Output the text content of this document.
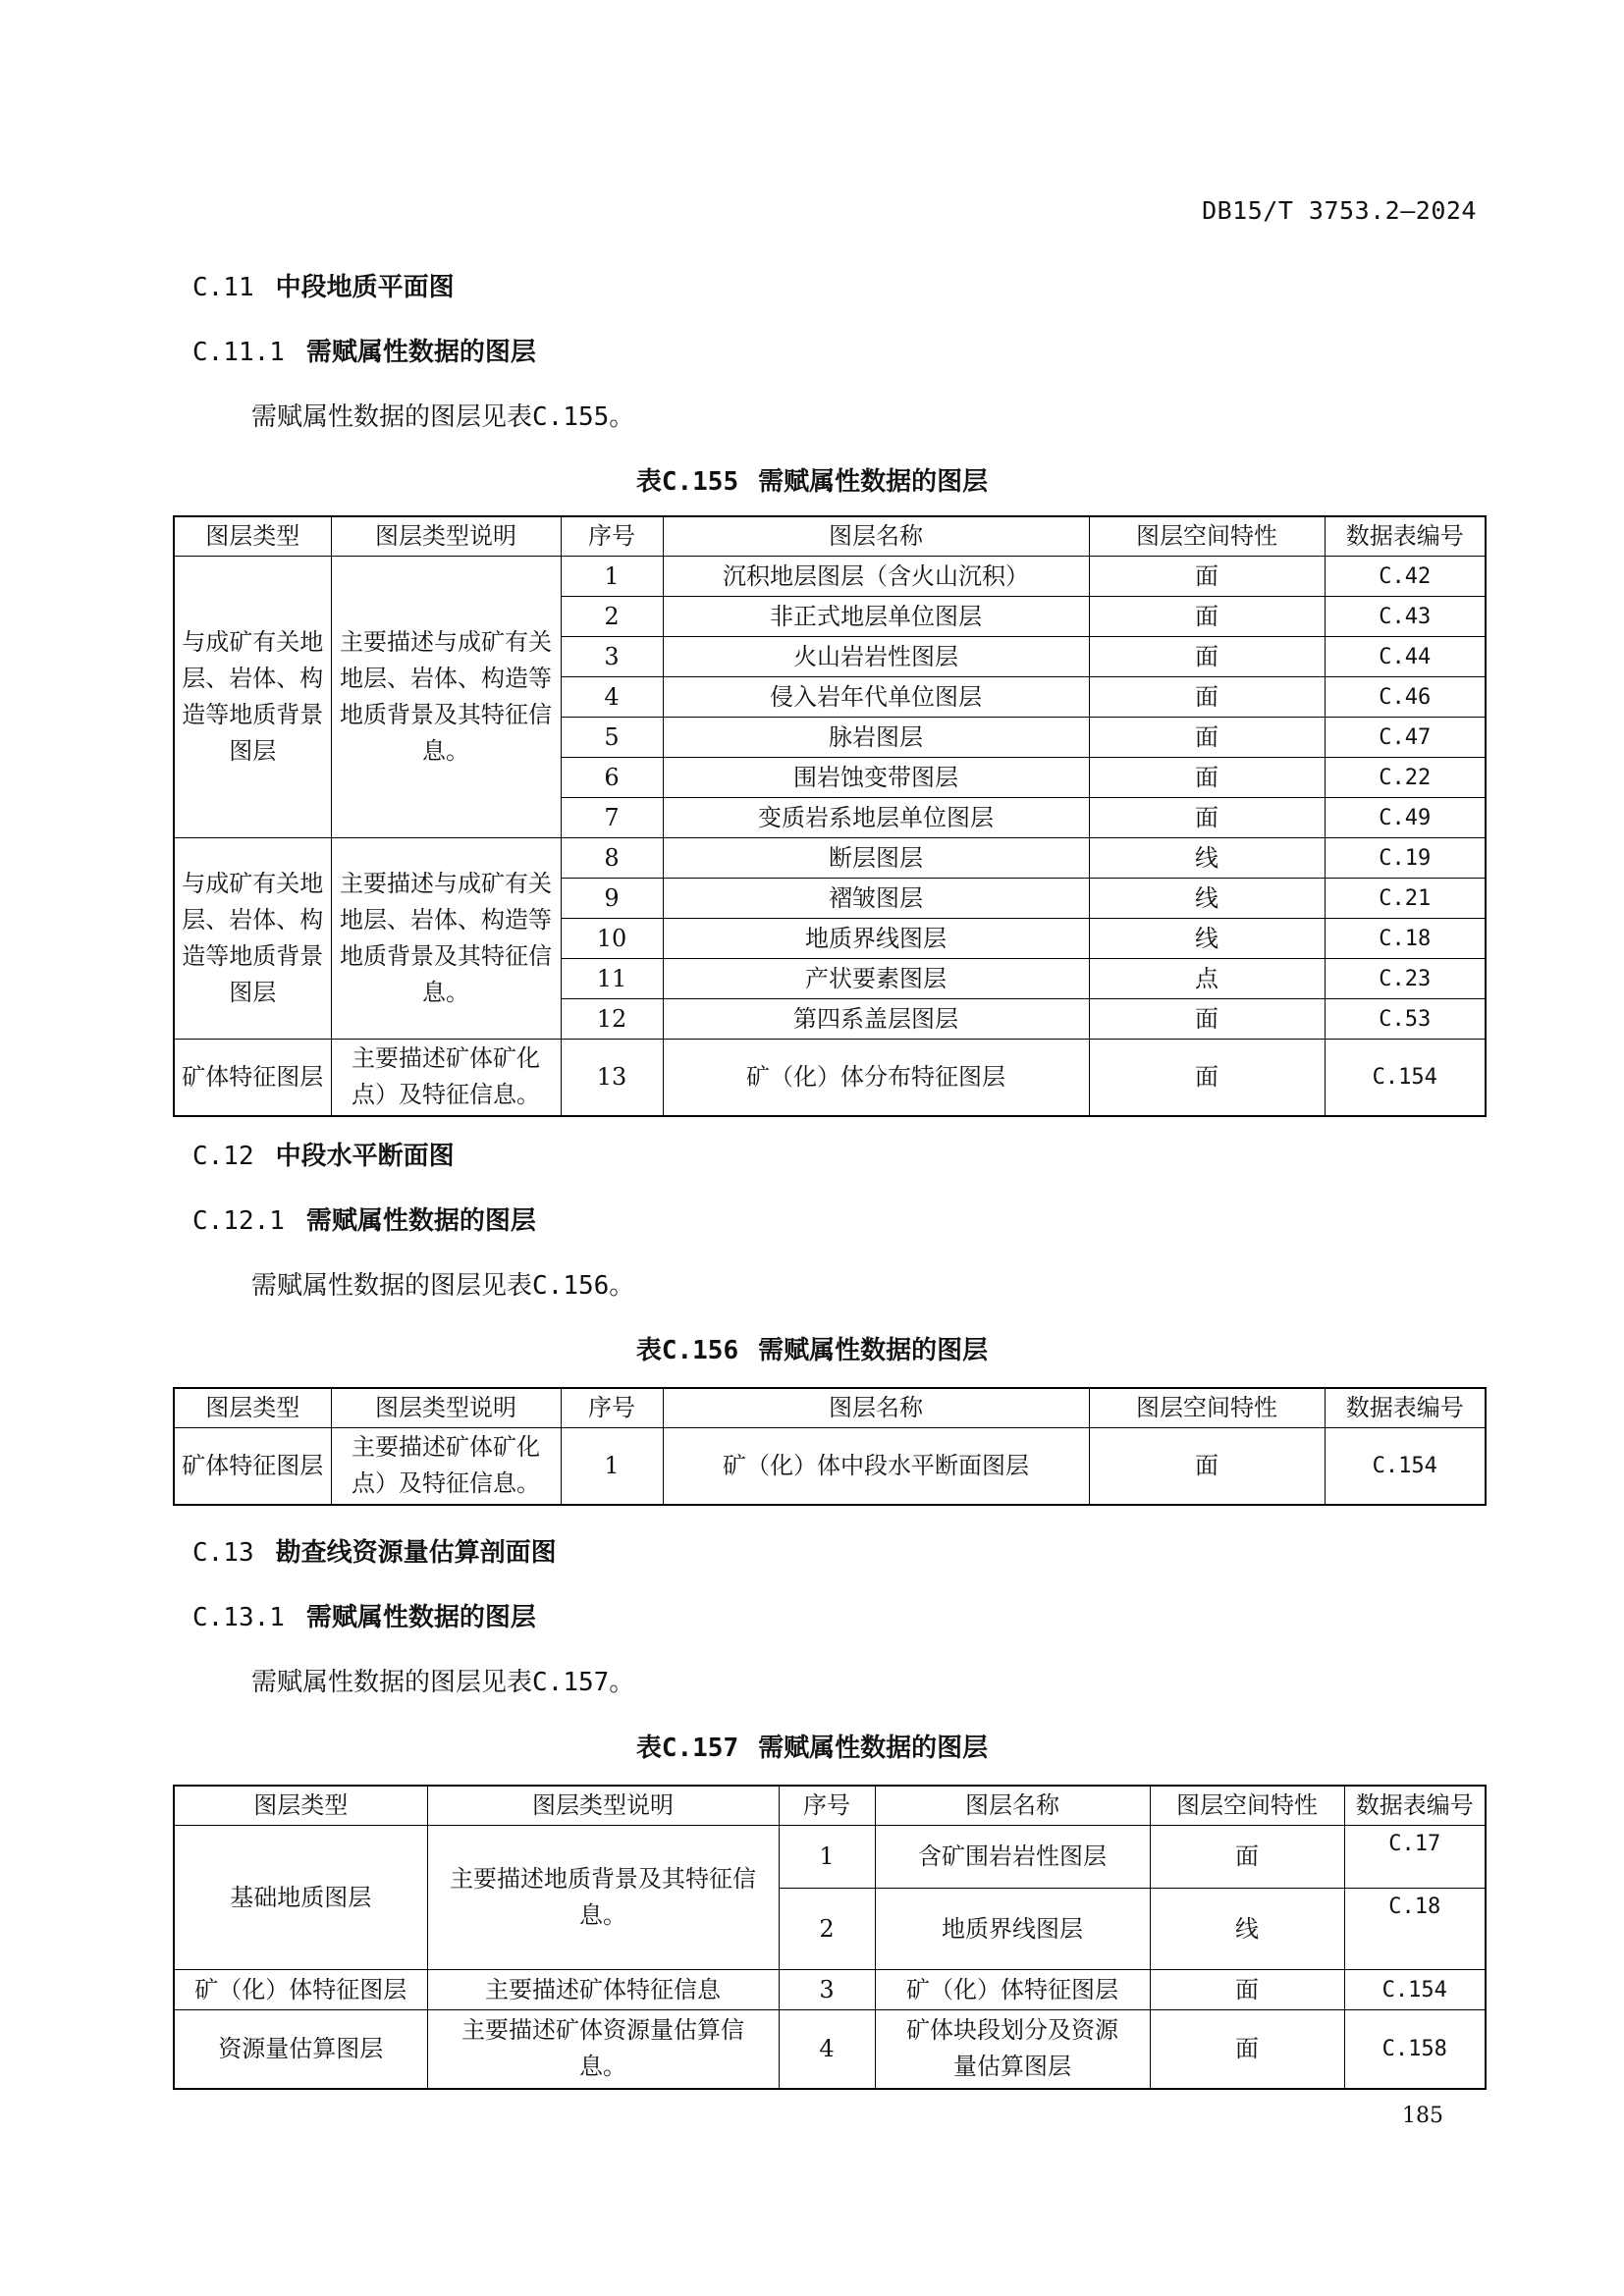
DB15/T 3753.2—2024
C.11 中段地质平面图
C.11.1 需赋属性数据的图层
需赋属性数据的图层见表C.155。
表C.155 需赋属性数据的图层
图层类型	图层类型说明	序号	图层名称	图层空间特性	数据表编号
与成矿有关地层、岩体、构造等地质背景图层	主要描述与成矿有关地层、岩体、构造等地质背景及其特征信息。	1	沉积地层图层（含火山沉积）	面	C.42
		2	非正式地层单位图层	面	C.43
		3	火山岩岩性图层	面	C.44
		4	侵入岩年代单位图层	面	C.46
		5	脉岩图层	面	C.47
		6	围岩蚀变带图层	面	C.22
		7	变质岩系地层单位图层	面	C.49
与成矿有关地层、岩体、构造等地质背景图层	主要描述与成矿有关地层、岩体、构造等地质背景及其特征信息。	8	断层图层	线	C.19
		9	褶皱图层	线	C.21
		10	地质界线图层	线	C.18
		11	产状要素图层	点	C.23
		12	第四系盖层图层	面	C.53
矿体特征图层	主要描述矿体矿化点）及特征信息。	13	矿（化）体分布特征图层	面	C.154
C.12 中段水平断面图
C.12.1 需赋属性数据的图层
需赋属性数据的图层见表C.156。
表C.156 需赋属性数据的图层
图层类型	图层类型说明	序号	图层名称	图层空间特性	数据表编号
矿体特征图层	主要描述矿体矿化点）及特征信息。	1	矿（化）体中段水平断面图层	面	C.154
C.13 勘查线资源量估算剖面图
C.13.1 需赋属性数据的图层
需赋属性数据的图层见表C.157。
表C.157 需赋属性数据的图层
图层类型	图层类型说明	序号	图层名称	图层空间特性	数据表编号
基础地质图层	主要描述地质背景及其特征信息。	1	含矿围岩岩性图层	面	C.17
		2	地质界线图层	线	C.18
矿（化）体特征图层	主要描述矿体特征信息	3	矿（化）体特征图层	面	C.154
资源量估算图层	主要描述矿体资源量估算信息。	4	矿体块段划分及资源量估算图层	面	C.158
185
